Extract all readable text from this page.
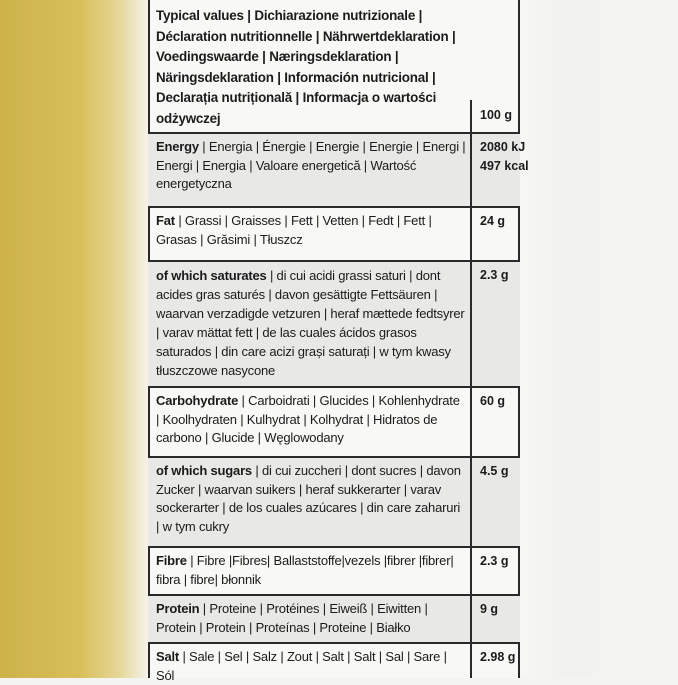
Typical values | Dichiarazione nutrizionale |
Déclaration nutritionnelle | Nährwertdeklaration |
Voedingswaarde | Næringsdeklaration |
Näringsdeklaration | Información nutricional |
Declarația nutrițională | Informacja o wartości
odżywczej	100 g
Energy | Energia | Énergie | Energie | Energie | Energi | Energi | Energia | Valoare energetică | Wartość energetyczna
2080 kJ
497 kcal
Fat | Grassi | Graisses | Fett | Vetten | Fedt | Fett | Grasas | Grăsimi | Tłuszcz
24 g
of which saturates | di cui acidi grassi saturi | dont acides gras saturés | davon gesättigte Fettsäuren | waarvan verzadigde vetzuren | heraf mættede fedtsyrer | varav mättat fett | de las cuales ácidos grasos saturados | din care acizi grași saturați | w tym kwasy tłuszczowe nasycone
2.3 g
Carbohydrate | Carboidrati | Glucides | Kohlenhydrate | Koolhydraten | Kulhydrat | Kolhydrat | Hidratos de carbono | Glucide | Węglowodany
60 g
of which sugars | di cui zuccheri | dont sucres | davon Zucker | waarvan suikers | heraf sukkerarter | varav sockerarter | de los cuales azúcares | din care zaharuri | w tym cukry
4.5 g
Fibre | Fibre |Fibres| Ballaststoffe|vezels |fibrer |fibrer| fibra | fibre| błonnik
2.3 g
Protein | Proteine | Protéines | Eiweiß | Eiwitten | Protein | Protein | Proteínas | Proteine | Białko
9 g
Salt | Sale | Sel | Salz | Zout | Salt | Salt | Sal | Sare | Sól
2.98 g
